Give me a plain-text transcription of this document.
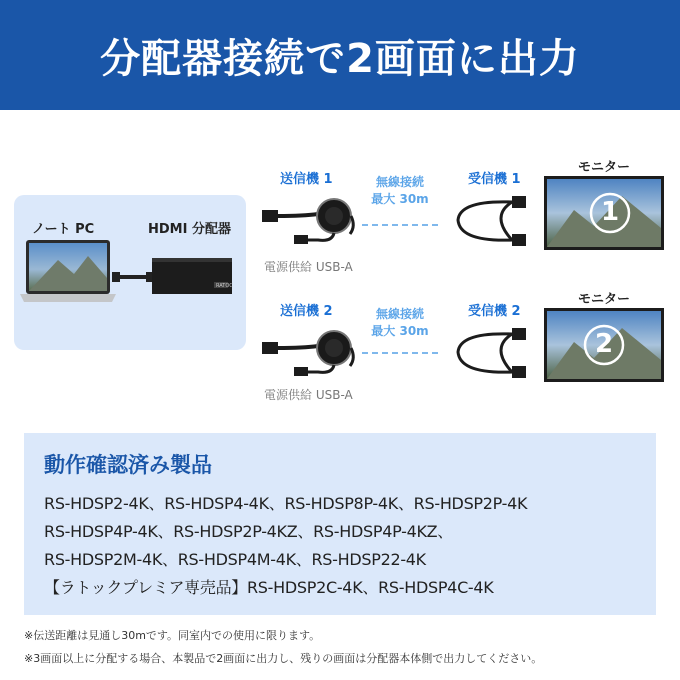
分配器接続で2画面に出力
ノート PC	HDMI 分配器
RATOC
送信機 1	受信機 1
モニター
無線接続
最大 30m
電源供給 USB-A
1
送信機 2	受信機 2
モニター
無線接続
最大 30m
電源供給 USB-A
2
動作確認済み製品
RS-HDSP2-4K、RS-HDSP4-4K、RS-HDSP8P-4K、RS-HDSP2P-4K
RS-HDSP4P-4K、RS-HDSP2P-4KZ、RS-HDSP4P-4KZ、
RS-HDSP2M-4K、RS-HDSP4M-4K、RS-HDSP22-4K
【ラトックプレミア専売品】RS-HDSP2C-4K、RS-HDSP4C-4K
※伝送距離は見通し30mです。同室内での使用に限ります。
※3画面以上に分配する場合、本製品で2画面に出力し、残りの画面は分配器本体側で出力してください。
